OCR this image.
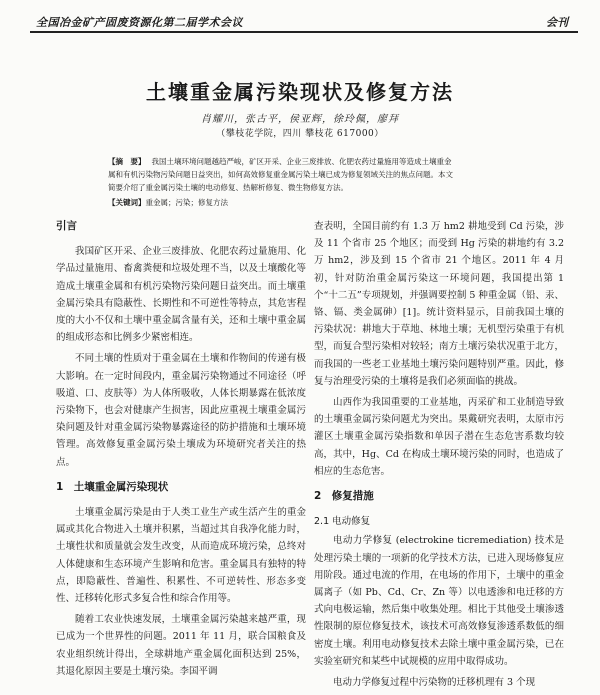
全国冶金矿产固废资源化第二届学术会议	会刊
土壤重金属污染现状及修复方法
肖耀川，张古平，侯亚辉，徐玲佩，廖拜
（攀枝花学院，四川 攀枝花 617000）
【摘　要】 我国土壤环境问题越趋严峻，矿区开采、企业三废排放、化肥农药过量施用等造成土壤重金属和有机污染物污染问题日益突出，如何高效修复重金属污染土壤已成为修复领域关注的焦点问题。本文简要介绍了重金属污染土壤的电动修复、热解析修复、微生物修复方法。
【关键词】重金属；污染；修复方法
引言

我国矿区开采、企业三废排放、化肥农药过量施用、化学品过量施用、畜禽粪便和垃圾处理不当，以及土壤酸化等造成土壤重金属和有机污染物污染问题日益突出。而土壤重金属污染具有隐蔽性、长期性和不可逆性等特点，其危害程度的大小不仅和土壤中重金属含量有关，还和土壤中重金属的组成形态和比例多少紧密相连。

不同土壤的性质对于重金属在土壤和作物间的传递有极大影响。在一定时间段内，重金属污染物通过不同途径（呼吸道、口、皮肤等）为人体所吸收，人体长期暴露在低浓度污染物下，也会对健康产生损害，因此应重视土壤重金属污染问题及针对重金属污染物暴露途径的防护措施和土壤环境管理。高效修复重金属污染土壤成为环境研究者关注的热点。

1　土壤重金属污染现状

土壤重金属污染是由于人类工业生产或生活产生的重金属或其化合物进入土壤并积累，当超过其自我净化能力时，土壤性状和质量就会发生改变，从而造成环境污染，总终对人体健康和生态环境产生影响和危害。重金属具有独特的特点，即隐蔽性、普遍性、积累性、不可逆转性、形态多变性、迁移转化形式多复合性和综合作用等。

随着工农业快速发展，土壤重金属污染越来越严重，现已成为一个世界性的问题。2011 年 11 月，联合国粮食及农业组织统计得出，全球耕地产重金属化面积达到 25%，其退化原因主要是土壤污染。李国平调

查表明，全国目前约有 1.3 万 hm2 耕地受到 Cd 污染，涉及 11 个省市 25 个地区；而受到 Hg 污染的耕地约有 3.2 万 hm2，涉及到 15 个省市 21 个地区。2011 年 4 月初，针对防治重金属污染这一环境问题，我国提出第 1 个“十二五”专项规划，并强调要控制 5 种重金属（铅、汞、铬、镉、类金属砷）[1]。统计资料显示，目前我国土壤的污染状况：耕地大于草地、林地土壤；无机型污染重于有机型，而复合型污染相对较轻；南方土壤污染状况重于北方，而我国的一些老工业基地土壤污染问题特别严重。因此，修复与治理受污染的土壤将是我们必须面临的挑战。

山西作为我国重要的工业基地，丙采矿和工业制造导致的土壤重金属污染问题尤为突出。果戴研究表明，太原市污灌区土壤重金属污染指数和单因子潜在生态危害系数均较高，其中，Hg、Cd 在构成土壤环境污染的同时，也造成了相应的生态危害。

2　修复措施
2.1 电动修复

电动力学修复 (electrokine ticremediation) 技术是处理污染土壤的一项新的化学技术方法，已进入现场修复应用阶段。通过电流的作用，在电场的作用下，土壤中的重金属离子（如 Pb、Cd、Cr、Zn 等）以电透渗和电迁移的方式向电极运输，然后集中收集处理。相比于其他受土壤渗透性限制的原位修复技术，该技术可高效修复渗透系数低的细密度土壤。利用电动修复技术去除土壤中重金属污染，已在实验室研究和某些中试规模的应用中取得成功。

电动力学修复过程中污染物的迁移机理有 3 个现
